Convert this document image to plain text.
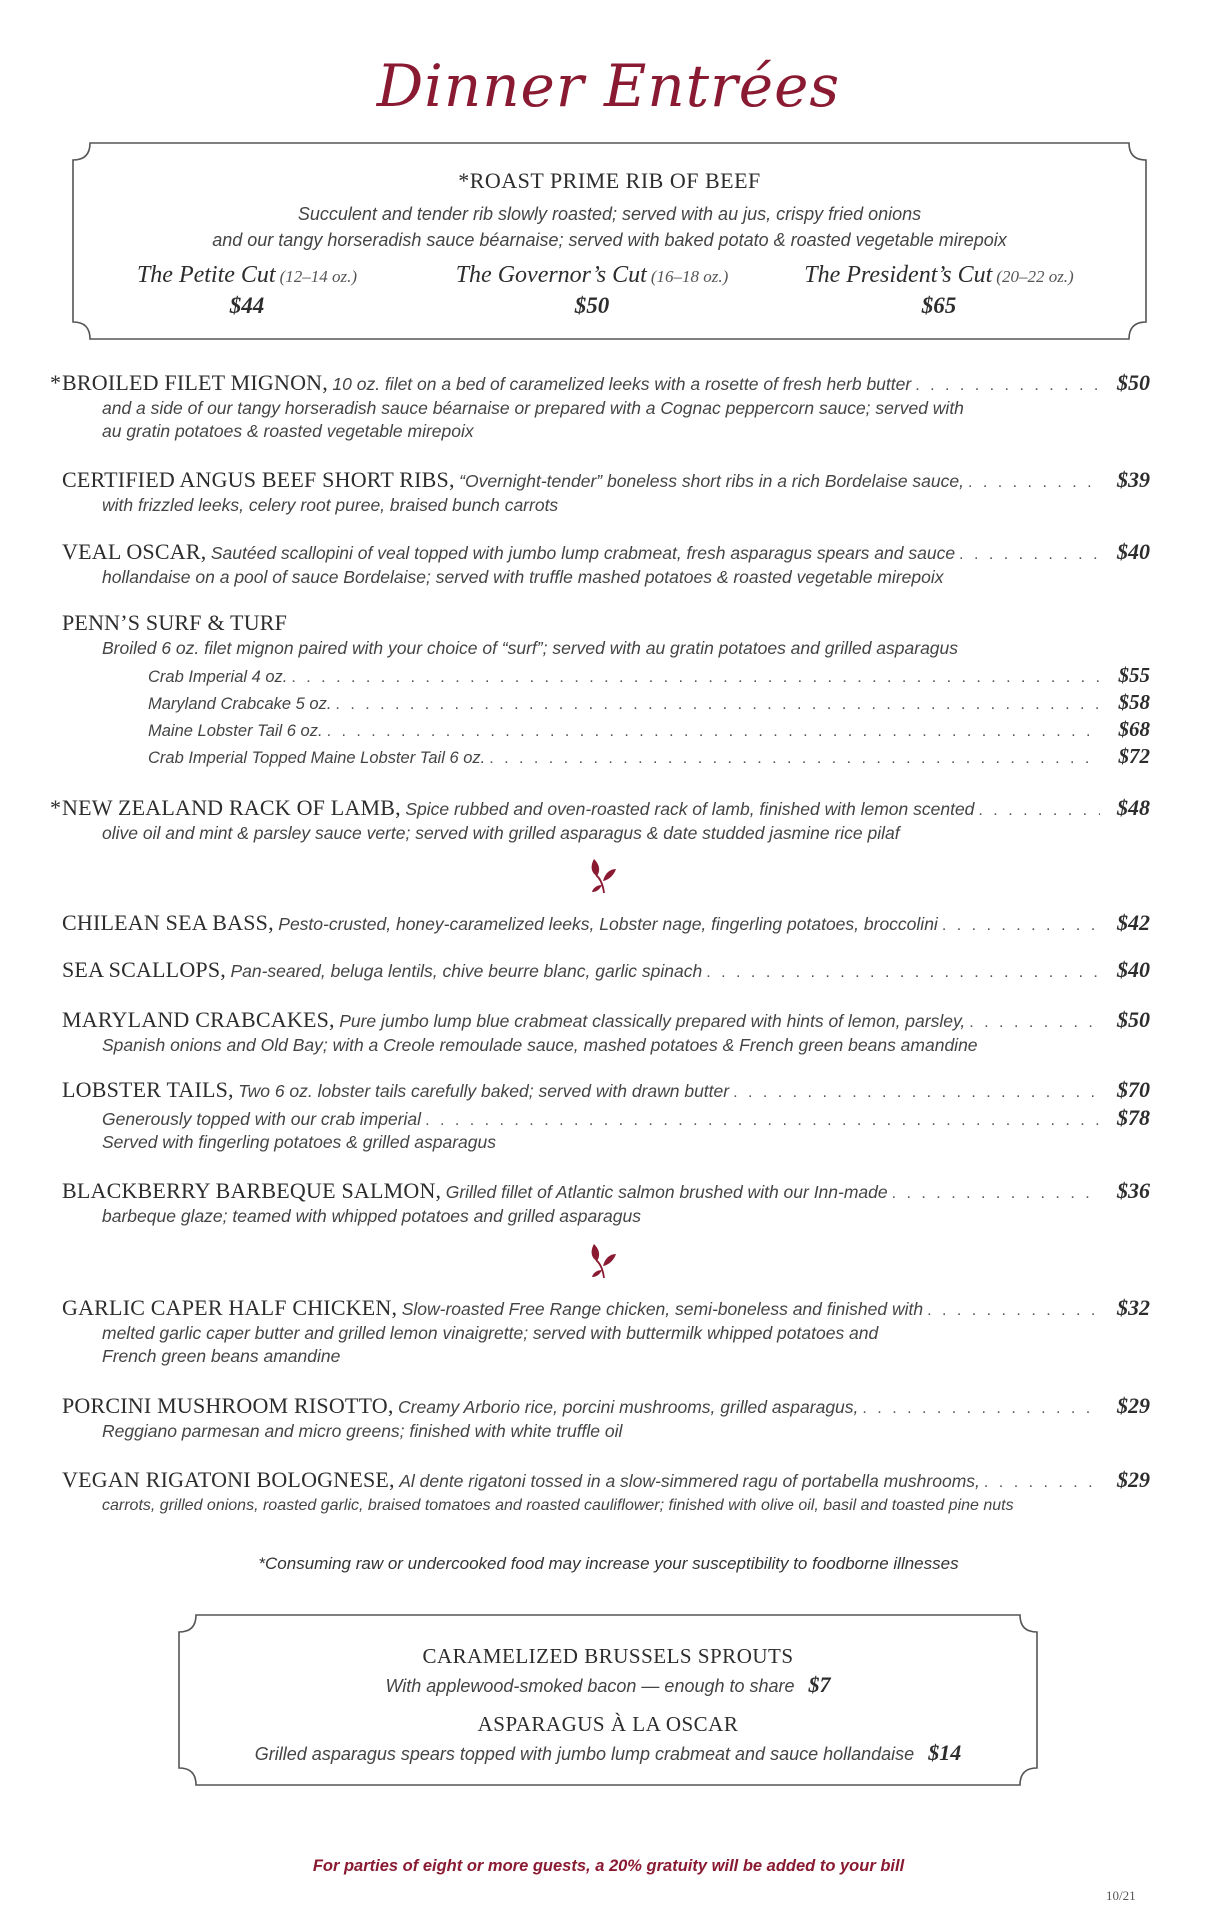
Dinner Entrées
*ROAST PRIME RIB OF BEEF
Succulent and tender rib slowly roasted; served with au jus, crispy fried onions
and our tangy horseradish sauce béarnaise; served with baked potato & roasted vegetable mirepoix
The Petite Cut (12–14 oz.)
$44
The Governor’s Cut (16–18 oz.)
$50
The President’s Cut (20–22 oz.)
$65
* BROILED FILET MIGNON,
10 oz. filet on a bed of caramelized leeks with a rosette of fresh herb butter . . .	$50
and a side of our tangy horseradish sauce béarnaise or prepared with a Cognac peppercorn sauce; served with
au gratin potatoes & roasted vegetable mirepoix
CERTIFIED ANGUS BEEF SHORT RIBS,
“Overnight-tender” boneless short ribs in a rich Bordelaise sauce, . . .	$39
with frizzled leeks, celery root puree, braised bunch carrots
VEAL OSCAR,
Sautéed scallopini of veal topped with jumbo lump crabmeat, fresh asparagus spears and sauce . . .	$40
hollandaise on a pool of sauce Bordelaise; served with truffle mashed potatoes & roasted vegetable mirepoix
PENN’S SURF & TURF
Broiled 6 oz. filet mignon paired with your choice of “surf”; served with au gratin potatoes and grilled asparagus
Crab Imperial 4 oz. . . .	$55
Maryland Crabcake 5 oz. . . .	$58
Maine Lobster Tail 6 oz. . . .	$68
Crab Imperial Topped Maine Lobster Tail 6 oz. . . .	$72
* NEW ZEALAND RACK OF LAMB,
Spice rubbed and oven-roasted rack of lamb, finished with lemon scented . . .	$48
olive oil and mint & parsley sauce verte; served with grilled asparagus & date studded jasmine rice pilaf
CHILEAN SEA BASS,
Pesto-crusted, honey-caramelized leeks, Lobster nage, fingerling potatoes, broccolini . . .	$42
SEA SCALLOPS,
Pan-seared, beluga lentils, chive beurre blanc, garlic spinach . . .	$40
MARYLAND CRABCAKES,
Pure jumbo lump blue crabmeat classically prepared with hints of lemon, parsley, . . .	$50
Spanish onions and Old Bay; with a Creole remoulade sauce, mashed potatoes & French green beans amandine
LOBSTER TAILS,
Two 6 oz. lobster tails carefully baked; served with drawn butter . . .	$70
Generously topped with our crab imperial . . .	$78
Served with fingerling potatoes & grilled asparagus
BLACKBERRY BARBEQUE SALMON,
Grilled fillet of Atlantic salmon brushed with our Inn-made . . .	$36
barbeque glaze; teamed with whipped potatoes and grilled asparagus
GARLIC CAPER HALF CHICKEN,
Slow-roasted Free Range chicken, semi-boneless and finished with . . .	$32
melted garlic caper butter and grilled lemon vinaigrette; served with buttermilk whipped potatoes and
French green beans amandine
PORCINI MUSHROOM RISOTTO,
Creamy Arborio rice, porcini mushrooms, grilled asparagus, . . .	$29
Reggiano parmesan and micro greens; finished with white truffle oil
VEGAN RIGATONI BOLOGNESE,
Al dente rigatoni tossed in a slow-simmered ragu of portabella mushrooms, . . .	$29
carrots, grilled onions, roasted garlic, braised tomatoes and roasted cauliflower; finished with olive oil, basil and toasted pine nuts
*Consuming raw or undercooked food may increase your susceptibility to foodborne illnesses
CARAMELIZED BRUSSELS SPROUTS
With applewood-smoked bacon — enough to share $7
ASPARAGUS À LA OSCAR
Grilled asparagus spears topped with jumbo lump crabmeat and sauce hollandaise $14
For parties of eight or more guests, a 20% gratuity will be added to your bill
10/21
